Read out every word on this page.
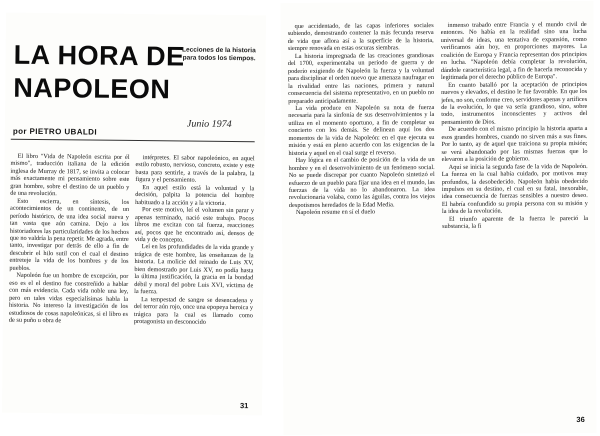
LA HORA DE
NAPOLEON
Lecciones de la historia para todos los tiempos.
Junio 1974
por PIETRO UBALDI

El libro "Vida de Napoleón escrita por él mismo", traducción italiana de la edición inglesa de Murray de 1817, se invita a colocar más exactamente mi pensamiento sobre este gran hombre, sobre el destino de un pueblo y de una revolución.

Esto escierra, en síntesis, los acontecimientos de un continente, de un período histórico, de una idea social nueva y tan vasta que aún camina. Dejo a los historiadores las particularidades de los hechos que no valdría la pena repetir. Me agrada, entre tanto, investigar por detrás de ello a fin de descubrir el hilo sutil con el cual el destino entreteje la vida de los hombres y de los pueblos.

Napoleón fue un hombre de excepción, por eso es el el destino fue constreñido a hablar con más evidencia. Cada vida noble una ley, pero en tales vidas especialísimas habla la historia. No intereso la investigación de los estudiosos de cosas napoleónicas, si el libro es de su puño u obra de

intérpretes. El sabor napoleónico, en aquel estilo robusto, nervioso, concreto, existe y este basta para sentirle, a través de la palabra, la figura y el pensamiento.

En aquel estilo está la voluntad y la decisión, palpita la potencia del hombre habituado a la acción y a la victoria.

Por este motivo, leí el volumen sin parar y apenas terminado, nació este trabajo. Pocos libros me excitan con tal fuerza, reacciones así, pocos que he encontrado así, densos de vida y de concepto.

Leí en las profundidades de la vida grande y trágica de este hombre, las enseñanzas de la historia. La molicie del reinado de Luis XV, bien demostrado por Luis XV, no podía hasta la última justificación, la gracia en la bondad débil y moral del pobre Luis XVI, víctima de la fuerza.

La tempestad de sangre se desencadena y del terror aún rojo, once una epopeya heroica y trágica para la cual es llamado como protagonista un desconocido

31

que accidentado, de las capas inferiores sociales subiendo, demostrando contener la más fecunda reserva de vida que aflora así a la superficie de la historia, siempre renovada en estas oscuras siembras.

La historia impregnada de las creaciones grandiosas del 1700, experimentaba un período de guerra y de poderío exigiendo de Napoleón la fuerza y la voluntad para disciplinar el orden nuevo que amenaza naufragar en la rivalidad entre las naciones, primera y natural consecuencia del sistema representativo, en un pueblo no preparado anticipadamente.

La vida produce en Napoleón su nota de fuerza necesaria para la sinfonía de sus desenvolvimientos y la utiliza en el momento oportuno, a fin de completar su concierto con los demás. Se delinean aquí los dos momentos de la vida de Napoleón: en el que ejecuta su misión y está en pleno acuerdo con las exigencias de la historia y aquel en el cual surge el reverso.

Hay lógica en el cambio de posición de la vida de un hombre y en el desenvolvimiento de un fenómeno social. No se puede discrepar por cuanto Napoleón sintetizó el esfuerzo de un pueblo para fijar una idea en el mundo, las fuerzas de la vida no lo abandonaron. La idea revolucionaria volaba, como las águilas, contra los viejos despotismos heredados de la Edad Media.

Napoleón resume en sí el duelo

inmenso trabado entre Francia y el mundo civil de entonces. No había en la realidad sino una lucha universal de ideas, una tentativa de expansión, como verificamos aún hoy, en proporciones mayores. La coalición de Europa y Francia representan dos principios en lucha. "Napoleón debía completar la revolución, dándole característica legal, a fin de hacerla reconocida y legitimada por el derecho público de Europa".

En cuanto batalló por la aceptación de principios nuevos y elevados, el destino le fue favorable. En que los jefes, no son, conforme creo, servidores apenas y artífices de la evolución, lo que va sería grandioso, sino, sobre todo, instrumentos inconscientes y activos del pensamiento de Dios.

De acuerdo con el mismo principio la historia aparta a esos grandes hombres, cuando no sirven más a sus fines. Por lo tanto, ay de aquel que traiciona su propia misión; se verá abandonado por las mismas fuerzas que lo elevaron a la posición de gobierno.

Aquí se inicia la segunda fase de la vida de Napoleón. La fuerza en la cual había cuidado, por motivos muy profundos, la desobedecido. Napoleón había obedecido impulsos en su destino, el cual en su fatal, inexorable, idea consecuencia de fuerzas sensibles a nuestro deseo. El habría confundido su propia persona con su misión y la idea de la revolución.

El triunfo aparente de la fuerza le pareció la substancia, la fi

36
